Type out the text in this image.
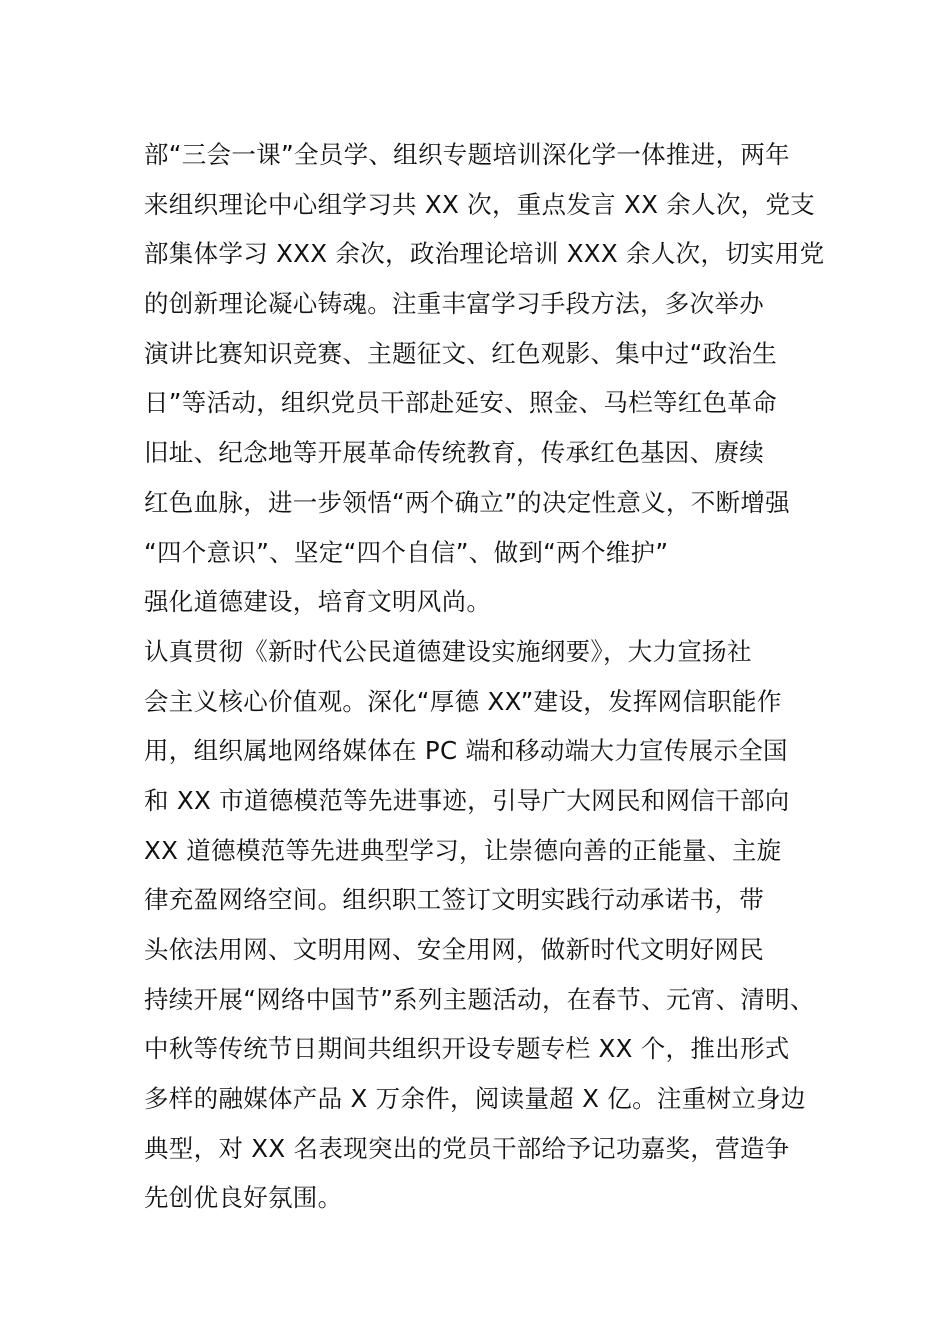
部“三会一课”全员学、组织专题培训深化学一体推进，两年
来组织理论中心组学习共 XX 次，重点发言 XX 余人次，党支
部集体学习 XXX 余次，政治理论培训 XXX 余人次，切实用党
的创新理论凝心铸魂。注重丰富学习手段方法，多次举办
演讲比赛知识竞赛、主题征文、红色观影、集中过“政治生
日”等活动，组织党员干部赴延安、照金、马栏等红色革命
旧址、纪念地等开展革命传统教育，传承红色基因、赓续
红色血脉，进一步领悟“两个确立”的决定性意义，不断增强
“四个意识”、坚定“四个自信”、做到“两个维护”
强化道德建设，培育文明风尚。
认真贯彻《新时代公民道德建设实施纲要》，大力宣扬社
会主义核心价值观。深化“厚德 XX”建设，发挥网信职能作
用，组织属地网络媒体在 PC 端和移动端大力宣传展示全国
和 XX 市道德模范等先进事迹，引导广大网民和网信干部向
XX 道德模范等先进典型学习，让崇德向善的正能量、主旋
律充盈网络空间。组织职工签订文明实践行动承诺书，带
头依法用网、文明用网、安全用网，做新时代文明好网民
持续开展“网络中国节”系列主题活动，在春节、元宵、清明、
中秋等传统节日期间共组织开设专题专栏 XX 个，推出形式
多样的融媒体产品 X 万余件，阅读量超 X 亿。注重树立身边
典型，对 XX 名表现突出的党员干部给予记功嘉奖，营造争
先创优良好氛围。
